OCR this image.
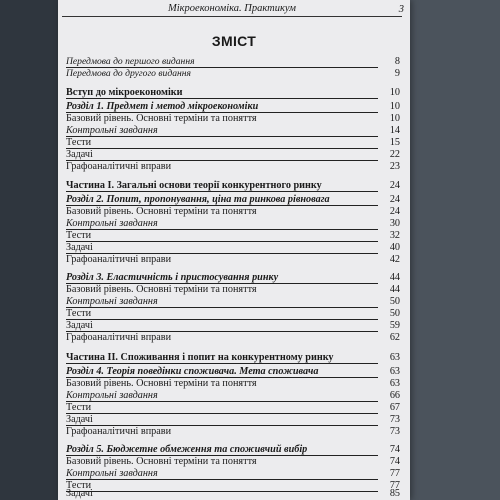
Мікроекономіка. Практикум	3
ЗМІСТ
Передмова до першого видання	8
Передмова до другого видання	9
Вступ до мікроекономіки	10
Розділ 1. Предмет і метод мікроекономіки	10
Базовий рівень. Основні терміни та поняття	10
Контрольні завдання	14
Тести	15
Задачі	22
Графоаналітичні вправи	23
Частина І. Загальні основи теорії конкурентного ринку	24
Розділ 2. Попит, пропонування, ціна та ринкова рівновага	24
Базовий рівень. Основні терміни та поняття	24
Контрольні завдання	30
Тести	32
Задачі	40
Графоаналітичні вправи	42
Розділ 3. Еластичність і пристосування ринку	44
Базовий рівень. Основні терміни та поняття	44
Контрольні завдання	50
Тести	50
Задачі	59
Графоаналітичні вправи	62
Частина ІІ. Споживання і попит на конкурентному ринку	63
Розділ 4. Теорія поведінки споживача. Мета споживача	63
Базовий рівень. Основні терміни та поняття	63
Контрольні завдання	66
Тести	67
Задачі	73
Графоаналітичні вправи	73
Розділ 5. Бюджетне обмеження та споживчий вибір	74
Базовий рівень. Основні терміни та поняття	74
Контрольні завдання	77
Тести	77
Задачі	85
